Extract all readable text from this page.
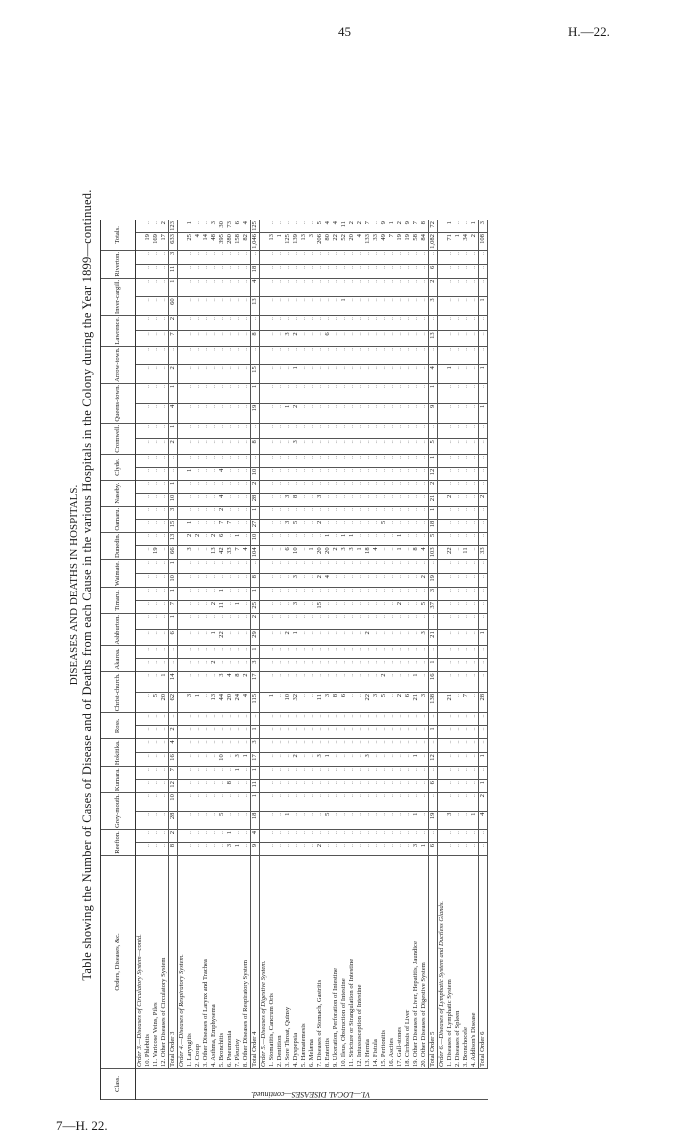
45	H.—22.
7—H. 22.
DISEASES AND DEATHS IN HOSPITALS. Table showing the Number of Cases of Disease and of Deaths from each Cause in the various Hospitals in the Colony during the Year 1899—continued.
Class.	Orders, Diseases, &c.	Reefton.		Grey-mouth.		Kumara.		Hokitika.		Ross.		Christ-church.		Akaroa.		Ashburton.		Timaru.		Waimate.		Dunedin.		Oamaru.		Naseby.		Clyde.		Cromwell.		Queens-town.		Arrow-town.		Lawrence.		Inver-cargill.		Riverton.		Totals.	
VI.—LOCAL DISEASES—continued.	Order 3.—Diseases of Circulatory System—contd.																																										
	10. Phlebitis	..	..	..	..	..	..	..	..	..	..	..	..	..	..	..	..	..	..	..	..	..	..	..	..	..	..	..	..	..	..	..	..	..	..	..	..	..	..	..	..	19	..
	11. Varicose Veins, Piles	..	..	..	..	..	..	..	..	..	..	5	..	..	..	..	..	..	..	..	..	19	..	..	..	..	..	..	..	..	..	..	..	..	..	..	..	..	..	..	..	169	..
	12. Other Diseases of Circulatory System	..	..	..	..	..	..	..	..	..	..	20	1	..	..	..	..	..	..	..	..	..	..	..	..	..	..	..	..	..	..	..	..	..	..	..	..	..	..	..	..	17	2
	Total Order 3	8	2	28	10	12	7	16	4	2	..	62	14	..	..	6	1	7	1	10	1	66	13	15	3	10	1	..	..	2	1	4	1	2	..	7	2	60	1	11	3	633	123
	Order 4.—Diseases of Respiratory System.																																										
	1. Laryngitis	..	..	..	..	..	..	..	..	..	..	3	..	..	..	..	..	..	..	..	..	3	2	1	..	..	..	1	..	..	..	..	..	..	..	..	..	..	..	..	..	25	1
	2. Croup	..	..	..	..	..	..	..	..	..	..	1	..	..	..	..	..	..	..	..	..	..	2	..	..	..	..	..	..	..	..	..	..	..	..	..	..	..	..	..	..	4	..
	3. Other Diseases of Larynx and Trachea	..	..	..	..	..	..	..	..	..	..	..	..	..	..	..	..	..	..	..	..	..	..	..	..	..	..	..	..	..	..	..	..	..	..	..	..	..	..	..	..	14	..
	4. Asthma, Emphysema	..	..	..	..	..	..	..	..	..	..	13	..	2	..	1	..	2	..	..	..	13	2	..	..	..	..	..	..	..	..	..	..	..	..	..	..	..	..	..	..	48	3
	5. Bronchitis	..	..	5	..	..	..	10	..	..	..	44	3	..	..	22	..	11	1	..	..	42	6	7	2	4	..	4	..	..	..	..	..	..	..	..	..	..	..	..	..	395	30
	6. Pneumonia	3	1	..	..	8	..	..	..	..	..	20	4	..	..	..	..	..	..	..	..	33	..	7	..	..	..	..	..	..	..	..	..	..	..	..	..	..	..	..	..	280	73
	7. Pleurisy	1	..	..	..	..	1	3	..	..	..	24	8	..	..	..	..	1	..	..	..	7	1	..	..	..	..	..	..	..	..	..	..	..	..	..	..	..	..	..	..	158	6
	8. Other Diseases of Respiratory System	..	..	..	..	..	..	1	..	..	..	4	2	..	..	..	..	..	..	..	..	4	..	..	..	..	..	..	..	..	..	..	..	..	..	..	..	..	..	..	..	82	4
	Total Order 4	9	4	18	1	11	1	17	3	1	..	115	17	3	1	29	2	25	1	8	..	104	10	27	1	28	2	10	..	8	..	19	1	15	..	8	..	13	4	18	..	1,046	125
	Order 5.—Diseases of Digestive System.																																										
	1. Stomatitis, Cancrum Oris	..	..	..	..	..	..	..	..	..	..	1	..	..	..	..	..	..	..	..	..	..	..	..	..	..	..	..	..	..	..	..	..	..	..	..	..	..	..	..	..	13	..
	2. Dentition	..	..	..	..	..	..	..	..	..	..	..	..	..	..	..	..	..	..	..	..	..	..	..	..	..	..	..	..	..	..	..	..	..	..	..	..	..	..	..	..	1	..
	3. Sore Throat, Quinsy	..	..	1	..	..	..	..	..	..	..	10	..	..	..	2	..	..	..	..	..	6	..	3	..	3	..	..	..	..	..	1	..	..	..	3	..	..	..	..	..	125	..
	4. Dyspepsia	..	..	..	..	..	..	2	..	..	..	32	..	..	..	1	..	3	..	3	..	10	..	5	..	8	..	..	..	3	..	2	..	1	..	2	..	..	..	..	..	139	..
	5. Hæmatemesis	..	..	..	..	..	..	..	..	..	..	..	..	..	..	..	..	..	..	..	..	..	..	..	..	..	..	..	..	..	..	..	..	..	..	..	..	..	..	..	..	13	..
	6. Melæna	..	..	..	..	..	..	..	..	..	..	..	..	..	..	..	..	..	..	..	..	1	..	..	..	..	..	..	..	..	..	..	..	..	..	..	..	..	..	..	..	3	..
	7. Diseases of Stomach, Gastritis	2	..	..	..	..	..	3	..	..	..	11	..	..	..	..	..	15	..	2	..	20	..	2	..	3	..	..	..	..	..	..	..	..	..	..	..	..	..	..	..	206	5
	8. Enteritis	..	..	5	..	..	..	1	..	..	..	3	..	..	..	..	..	..	..	4	..	20	1	..	..	..	..	..	..	..	..	..	..	..	..	6	..	..	..	..	..	80	4
	9. Ulceration, Perforation of Intestine	..	..	..	..	..	..	..	..	..	..	8	..	..	..	..	..	..	..	..	..	2	..	..	..	..	..	..	..	..	..	..	..	..	..	..	..	..	..	..	..	22	4
	10. Ileus, Obstruction of Intestine	..	..	..	..	..	..	..	..	..	..	6	..	..	..	..	..	..	..	..	..	3	1	..	..	..	..	..	..	..	..	..	..	..	..	..	..	1	..	..	..	52	11
	11. Stricture or Strangulation of Intestine	..	..	..	..	..	..	..	..	..	..	..	..	..	..	..	..	..	..	..	..	3	1	..	..	..	..	..	..	..	..	..	..	..	..	..	..	..	..	..	..	20	2
	12. Intussusception of Intestine	..	..	..	..	..	..	..	..	..	..	..	..	..	..	..	..	..	..	..	..	1	..	..	..	..	..	..	..	..	..	..	..	..	..	..	..	..	..	..	..	4	2
	13. Hernia	..	..	..	..	..	..	3	..	..	..	22	..	..	..	2	..	..	..	..	..	18	..	..	..	..	..	..	..	..	..	..	..	..	..	..	..	..	..	..	..	133	7
	14. Fistula	..	..	..	..	..	..	..	..	..	..	3	..	..	..	..	..	..	..	..	..	4	..	..	..	..	..	..	..	..	..	..	..	..	..	..	..	..	..	..	..	33	..
	15. Peritonitis	..	..	..	..	..	..	..	..	..	..	5	2	..	..	..	..	..	..	..	..	..	..	5	..	..	..	..	..	..	..	..	..	..	..	..	..	..	..	..	..	49	9
	16. Ascites	..	..	..	..	..	..	..	..	..	..	..	..	..	..	..	..	..	..	..	..	..	..	..	..	..	..	..	..	..	..	..	..	..	..	..	..	..	..	..	..	7	1
	17. Gall-stones	..	..	..	..	..	..	..	..	..	..	2	..	..	..	..	..	2	..	..	..	1	1	..	..	..	..	..	..	..	..	..	..	..	..	..	..	..	..	..	..	19	2
	18. Cirrhosis of Liver	..	..	..	..	..	..	..	..	..	..	6	..	..	..	..	..	..	..	..	..	..	..	..	..	..	..	..	..	..	..	..	..	..	..	..	..	..	..	..	..	19	9
	19. Other Diseases of Liver, Hepatitis, Jaundice	3	..	1	..	..	..	1	..	..	..	21	1	..	..	..	..	..	..	..	..	8	..	..	..	..	..	..	..	..	..	..	..	..	..	..	..	..	..	..	..	58	7
	20. Other Diseases of Digestive System	1	..	..	..	..	..	..	..	..	..	3	..	..	..	3	..	5	..	2	..	4	..	..	..	..	..	..	..	..	..	..	..	..	..	..	..	..	..	..	..	84	8
	Total Order 5	6	..	19	..	6	..	12	..	1	..	138	16	1	..	21	..	37	3	19	..	103	5	18	1	21	2	12	1	5	..	9	1	4	..	13	..	3	2	6	..	1,082	72
	Order 6.—Diseases of Lymphatic System and Ductless Glands.																																										
	1. Diseases of Lymphatic System	..	..	3	..	..	..	..	..	..	..	21	..	..	..	..	..	..	..	..	..	22	..	..	..	2	..	..	..	..	..	..	..	1	..	..	..	..	..	..	..	71	1
	2. Diseases of Spleen	..	..	..	..	..	..	..	..	..	..	..	..	..	..	..	..	..	..	..	..	..	..	..	..	..	..	..	..	..	..	..	..	..	..	..	..	..	..	..	..	1	..
	3. Bronchocele	..	..	..	..	..	..	..	..	..	..	7	..	..	..	..	..	..	..	..	..	11	..	..	..	..	..	..	..	..	..	..	..	..	..	..	..	..	..	..	..	34	..
	4. Addison's Disease	..	..	1	..	..	..	..	..	..	..	..	..	..	..	..	..	..	..	..	..	..	..	..	..	..	..	..	..	..	..	..	..	..	..	..	..	..	..	..	..	2	1
	Total Order 6	..	..	4	2	1	..	1	..	..	..	28	..	..	..	1	..	..	..	..	..	33	..	..	..	2	..	..	..	..	..	1	..	1	..	..	..	1	..	..	..	108	3
